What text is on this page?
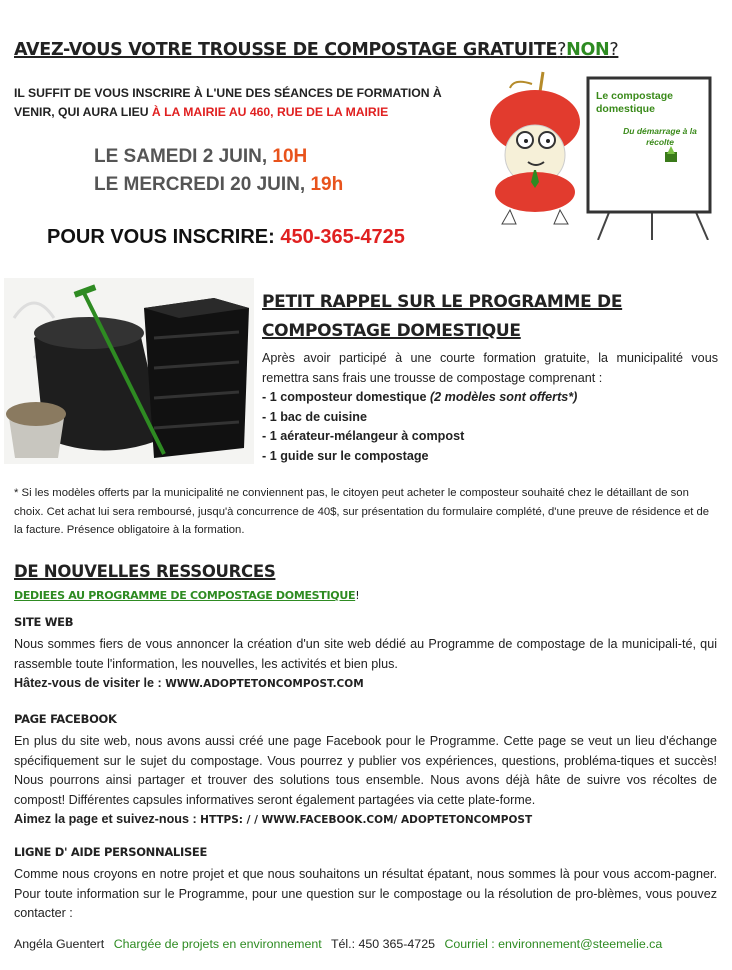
AVEZ-VOUS VOTRE TROUSSE DE COMPOSTAGE GRATUITE?NON?
IL SUFFIT DE VOUS INSCRIRE À L'UNE DES SÉANCES DE FORMATION À VENIR, QUI AURA LIEU À LA MAIRIE AU 460, RUE DE LA MAIRIE
LE SAMEDI 2 JUIN, 10H
LE MERCREDI 20 JUIN, 19h
POUR VOUS INSCRIRE: 450-365-4725
Le compostage domestique
Du démarrage à la récolte
PETIT RAPPEL SUR LE PROGRAMME DE COMPOSTAGE DOMESTIQUE
Après avoir participé à une courte formation gratuite, la municipalité vous remettra sans frais une trousse de compostage comprenant :
- 1 composteur domestique (2 modèles sont offerts*)
- 1 bac de cuisine
- 1 aérateur-mélangeur à compost
- 1 guide sur le compostage
* Si les modèles offerts par la municipalité ne conviennent pas, le citoyen peut acheter le composteur souhaité chez le détaillant de son choix. Cet achat lui sera remboursé, jusqu'à concurrence de 40$, sur présentation du formulaire complété, d'une preuve de résidence et de la facture. Présence obligatoire à la formation.
DE NOUVELLES RESSOURCES
DEDIEES AU PROGRAMME DE COMPOSTAGE DOMESTIQUE!
SITE WEB
Nous sommes fiers de vous annoncer la création d'un site web dédié au Programme de compostage de la municipali-té, qui rassemble toute l'information, les nouvelles, les activités et bien plus.
Hâtez-vous de visiter le : WWW.ADOPTETONCOMPOST.COM
PAGE FACEBOOK
En plus du site web, nous avons aussi créé une page Facebook pour le Programme. Cette page se veut un lieu d'échange spécifiquement sur le sujet du compostage. Vous pourrez y publier vos expériences, questions, probléma-tiques et succès! Nous pourrons ainsi partager et trouver des solutions tous ensemble. Nous avons déjà hâte de suivre vos récoltes de compost! Différentes capsules informatives seront également partagées via cette plate-forme.
Aimez la page et suivez-nous : HTTPS: / / WWW.FACEBOOK.COM/ ADOPTETONCOMPOST
LIGNE D' AIDE PERSONNALISEE
Comme nous croyons en notre projet et que nous souhaitons un résultat épatant, nous sommes là pour vous accom-pagner. Pour toute information sur le Programme, pour une question sur le compostage ou la résolution de pro-blèmes, vous pouvez contacter :
Angéla Guentert Chargée de projets en environnement Tél.: 450 365-4725 Courriel : environnement@steemelie.ca
